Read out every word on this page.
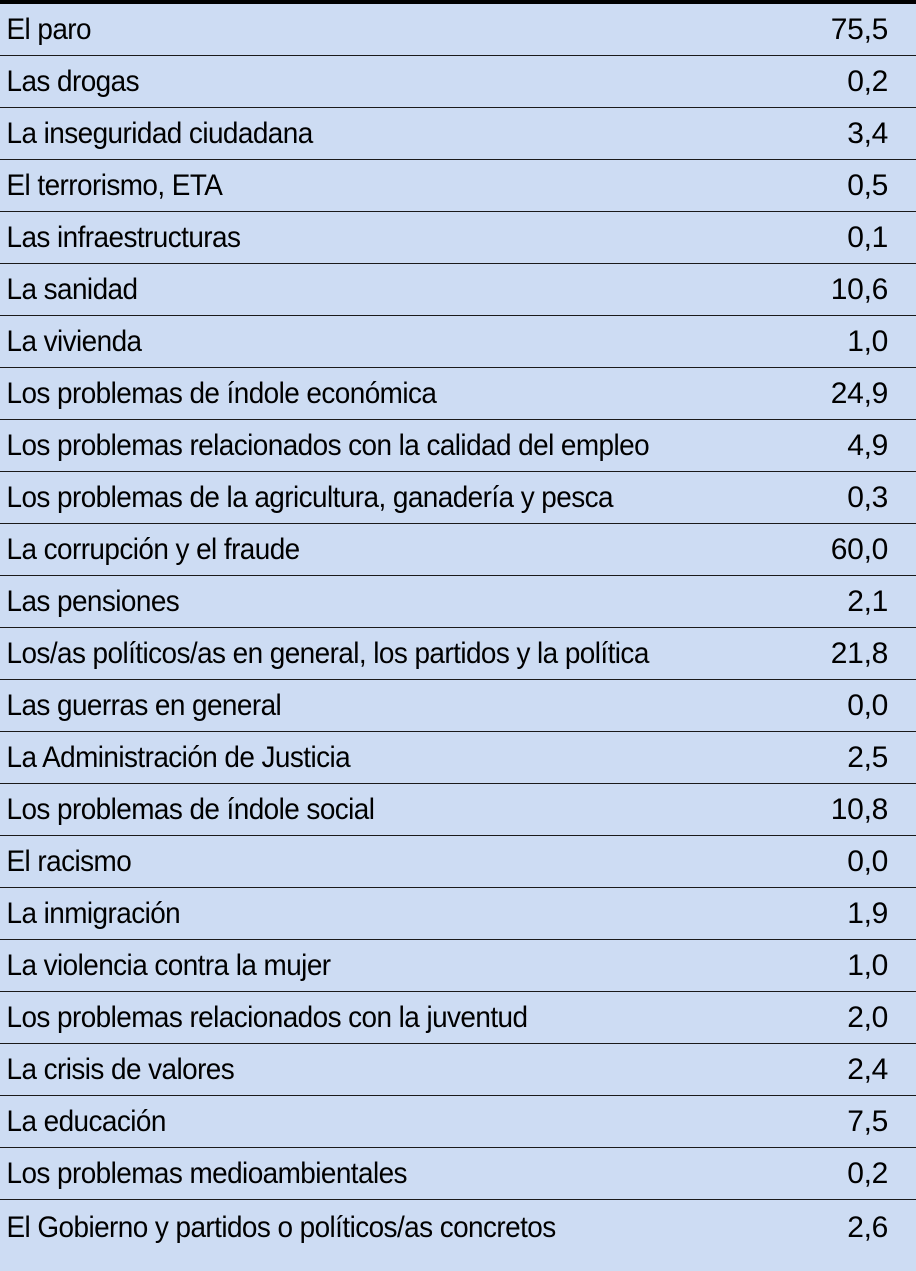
El paro	75,5
Las drogas	0,2
La inseguridad ciudadana	3,4
El terrorismo, ETA	0,5
Las infraestructuras	0,1
La sanidad	10,6
La vivienda	1,0
Los problemas de índole económica	24,9
Los problemas relacionados con la calidad del empleo	4,9
Los problemas de la agricultura, ganadería y pesca	0,3
La corrupción y el fraude	60,0
Las pensiones	2,1
Los/as políticos/as en general, los partidos y la política	21,8
Las guerras en general	0,0
La Administración de Justicia	2,5
Los problemas de índole social	10,8
El racismo	0,0
La inmigración	1,9
La violencia contra la mujer	1,0
Los problemas relacionados con la juventud	2,0
La crisis de valores	2,4
La educación	7,5
Los problemas medioambientales	0,2
El Gobierno y partidos o políticos/as concretos	2,6
